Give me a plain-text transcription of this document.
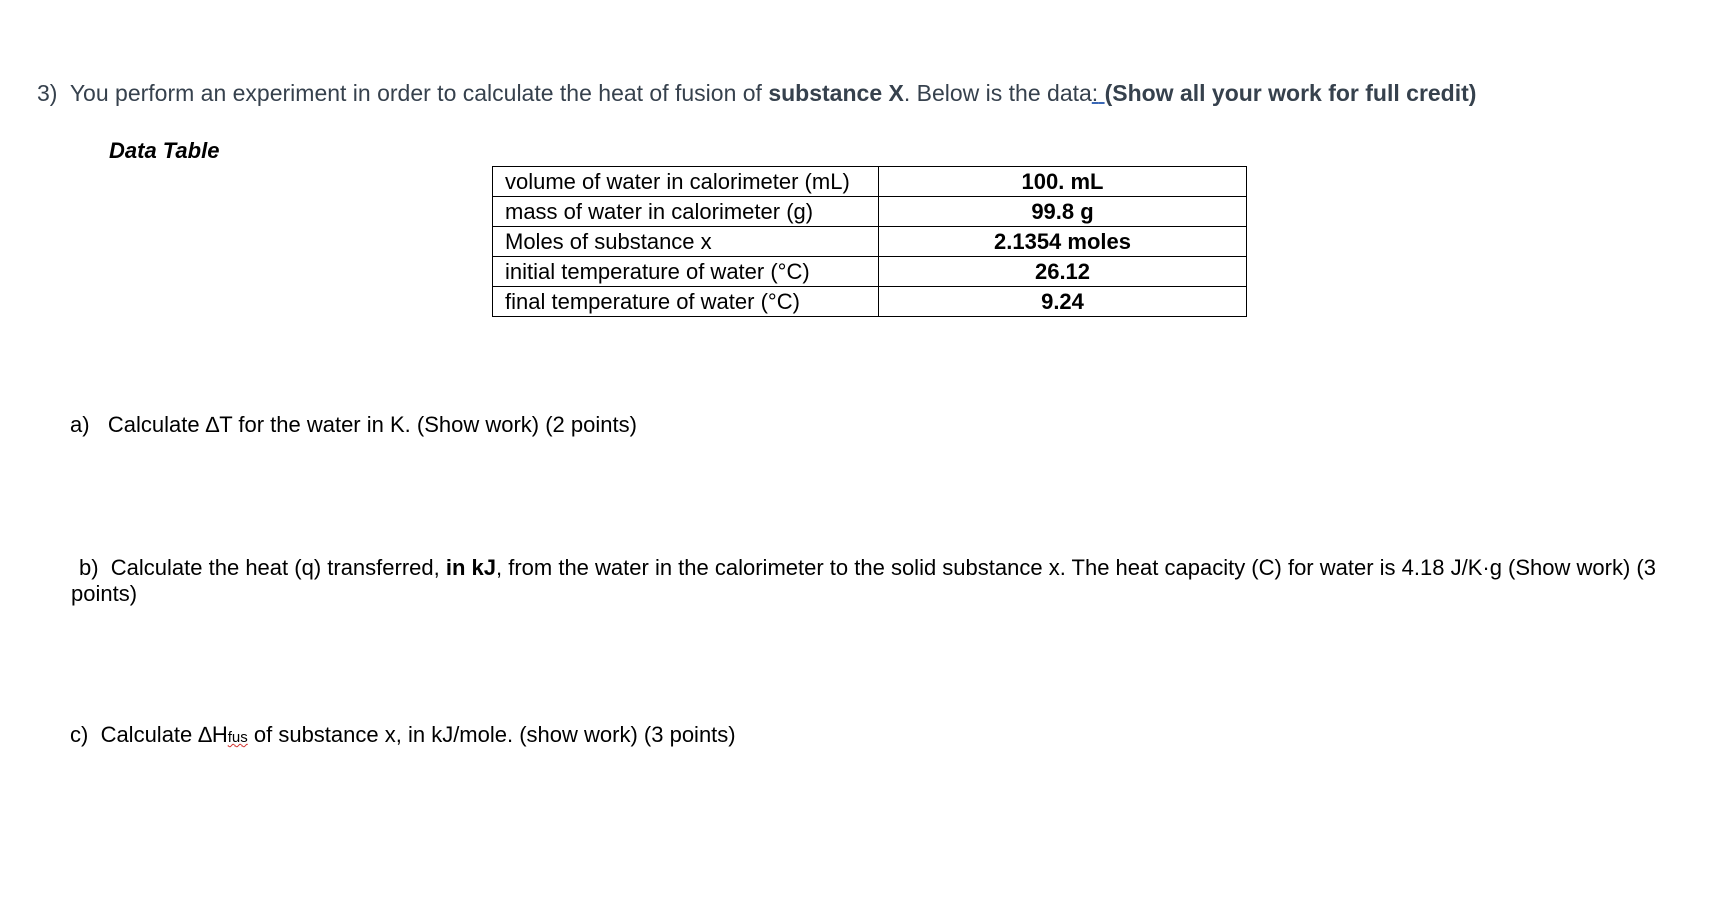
3) You perform an experiment in order to calculate the heat of fusion of substance X. Below is the data: (Show all your work for full credit)
Data Table
volume of water in calorimeter (mL)	100. mL
mass of water in calorimeter (g)	99.8 g
Moles of substance x	2.1354 moles
initial temperature of water (°C)	26.12
final temperature of water (°C)	9.24
a) Calculate ∆T for the water in K. (Show work) (2 points)
b) Calculate the heat (q) transferred, in kJ, from the water in the calorimeter to the solid substance x. The heat capacity (C) for water is 4.18 J/K·g (Show work) (3 points)
c) Calculate ∆Hfus of substance x, in kJ/mole. (show work) (3 points)
